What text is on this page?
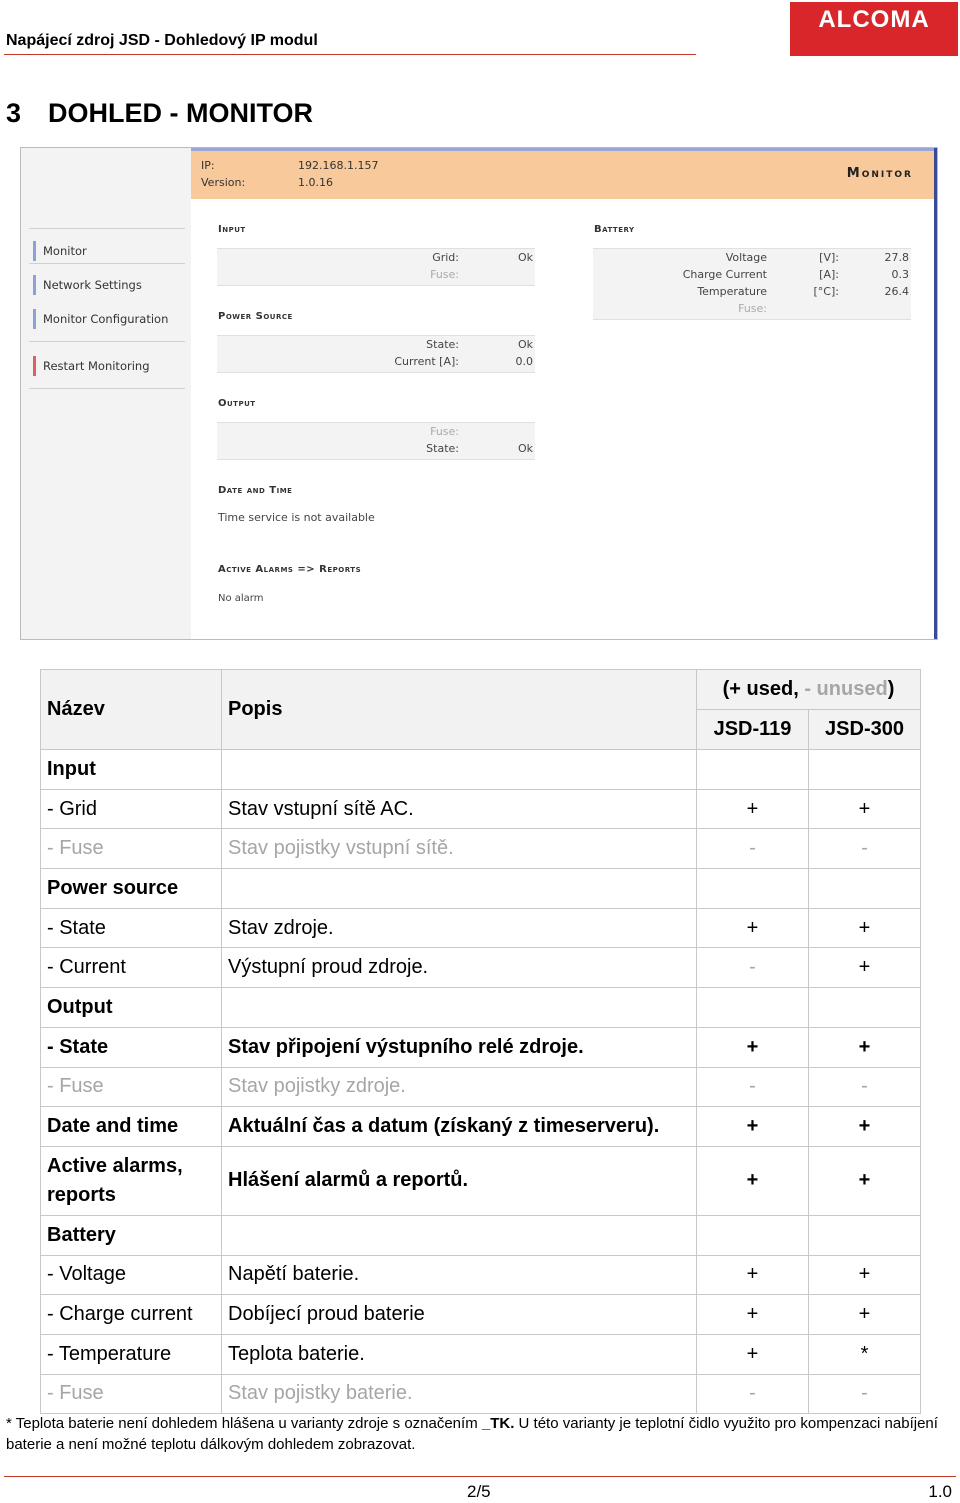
Napájecí zdroj JSD - Dohledový IP modul
ALCOMA
3 DOHLED - MONITOR
IP:	192.168.1.157
Version:	1.0.16
Monitor
Monitor
Network Settings
Monitor Configuration
Restart Monitoring
Input
Grid:	Ok
Fuse:
Power Source
State:	Ok
Current [A]:	0.0
Output
Fuse:
State:	Ok
Date and Time
Time service is not available
Active Alarms => Reports
No alarm
Battery
Voltage	[V]:	27.8
Charge Current	[A]:	0.3
Temperature	[°C]:	26.4
Fuse:
Název	Popis	(+ used, - unused)	
		JSD-119	JSD-300
Input			
- Grid	Stav vstupní sítě AC.	+	+
- Fuse	Stav pojistky vstupní sítě.	-	-
Power source			
- State	Stav zdroje.	+	+
- Current	Výstupní proud zdroje.	-	+
Output			
- State	Stav připojení výstupního relé zdroje.	+	+
- Fuse	Stav pojistky zdroje.	-	-
Date and time	Aktuální čas a datum (získaný z timeserveru).	+	+
Active alarms, reports	Hlášení alarmů a reportů.	+	+
Battery			
- Voltage	Napětí baterie.	+	+
- Charge current	Dobíjecí proud baterie	+	+
- Temperature	Teplota baterie.	+	*
- Fuse	Stav pojistky baterie.	-	-
* Teplota baterie není dohledem hlášena u varianty zdroje s označením _TK. U této varianty je teplotní čidlo využito pro kompenzaci nabíjení baterie a není možné teplotu dálkovým dohledem zobrazovat.
2/5	1.0
